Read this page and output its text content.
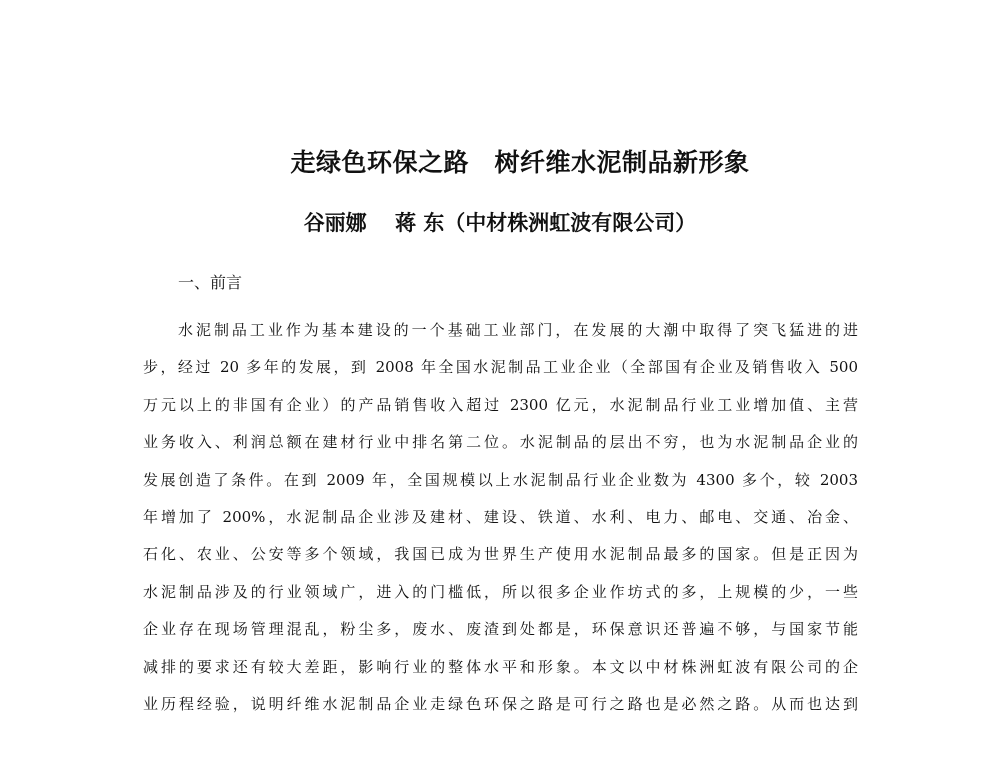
走绿色环保之路　树纤维水泥制品新形象
谷丽娜　 蒋 东（中材株洲虹波有限公司）
一、前言
水泥制品工业作为基本建设的一个基础工业部门，在发展的大潮中取得了突飞猛进的进
步，经过 20 多年的发展，到 2008 年全国水泥制品工业企业（全部国有企业及销售收入 500
万元以上的非国有企业）的产品销售收入超过 2300 亿元，水泥制品行业工业增加值、主营
业务收入、利润总额在建材行业中排名第二位。水泥制品的层出不穷，也为水泥制品企业的
发展创造了条件。在到 2009 年，全国规模以上水泥制品行业企业数为 4300 多个，较 2003
年增加了 200%，水泥制品企业涉及建材、建设、铁道、水利、电力、邮电、交通、冶金、
石化、农业、公安等多个领域，我国已成为世界生产使用水泥制品最多的国家。但是正因为
水泥制品涉及的行业领域广，进入的门槛低，所以很多企业作坊式的多，上规模的少，一些
企业存在现场管理混乱，粉尘多，废水、废渣到处都是，环保意识还普遍不够，与国家节能
减排的要求还有较大差距，影响行业的整体水平和形象。本文以中材株洲虹波有限公司的企
业历程经验，说明纤维水泥制品企业走绿色环保之路是可行之路也是必然之路。从而也达到
